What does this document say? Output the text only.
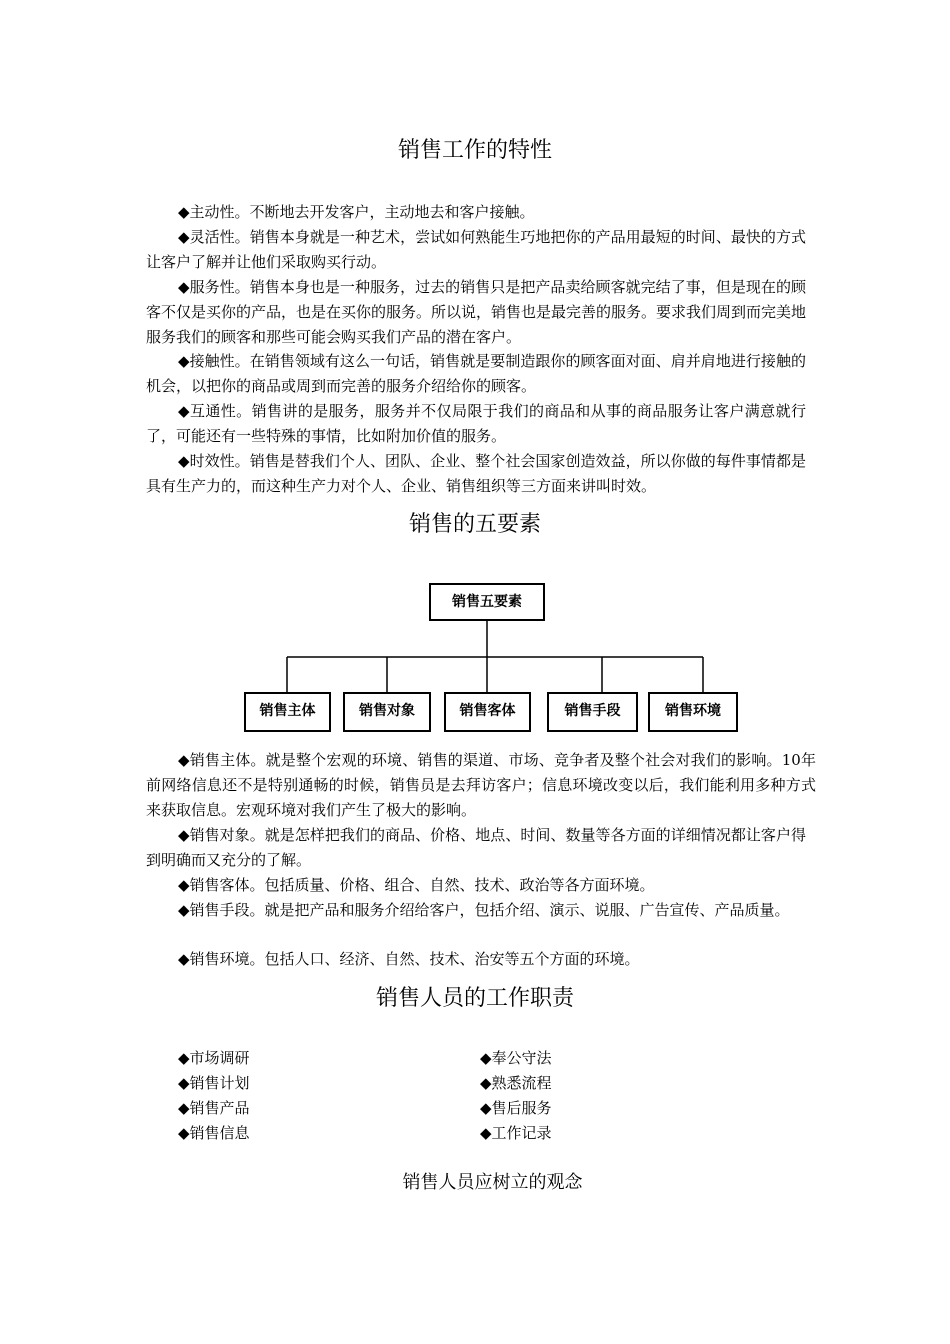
销售工作的特性

◆主动性。不断地去开发客户，主动地去和客户接触。

◆灵活性。销售本身就是一种艺术，尝试如何熟能生巧地把你的产品用最短的时间、最快的方式让客户了解并让他们采取购买行动。

◆服务性。销售本身也是一种服务，过去的销售只是把产品卖给顾客就完结了事，但是现在的顾客不仅是买你的产品，也是在买你的服务。所以说，销售也是最完善的服务。要求我们周到而完美地服务我们的顾客和那些可能会购买我们产品的潜在客户。

◆接触性。在销售领域有这么一句话，销售就是要制造跟你的顾客面对面、肩并肩地进行接触的机会，以把你的商品或周到而完善的服务介绍给你的顾客。

◆互通性。销售讲的是服务，服务并不仅局限于我们的商品和从事的商品服务让客户满意就行了，可能还有一些特殊的事情，比如附加价值的服务。

◆时效性。销售是替我们个人、团队、企业、整个社会国家创造效益，所以你做的每件事情都是具有生产力的，而这种生产力对个人、企业、销售组织等三方面来讲叫时效。

销售的五要素
销售五要素
销售主体	销售对象	销售客体	销售手段	销售环境

◆销售主体。就是整个宏观的环境、销售的渠道、市场、竞争者及整个社会对我们的影响。10年前网络信息还不是特别通畅的时候，销售员是去拜访客户；信息环境改变以后，我们能利用多种方式来获取信息。宏观环境对我们产生了极大的影响。

◆销售对象。就是怎样把我们的商品、价格、地点、时间、数量等各方面的详细情况都让客户得到明确而又充分的了解。

◆销售客体。包括质量、价格、组合、自然、技术、政治等各方面环境。

◆销售手段。就是把产品和服务介绍给客户，包括介绍、演示、说服、广告宣传、产品质量。

◆销售环境。包括人口、经济、自然、技术、治安等五个方面的环境。

销售人员的工作职责

◆市场调研

◆销售计划

◆销售产品

◆销售信息

◆奉公守法

◆熟悉流程

◆售后服务

◆工作记录

销售人员应树立的观念
